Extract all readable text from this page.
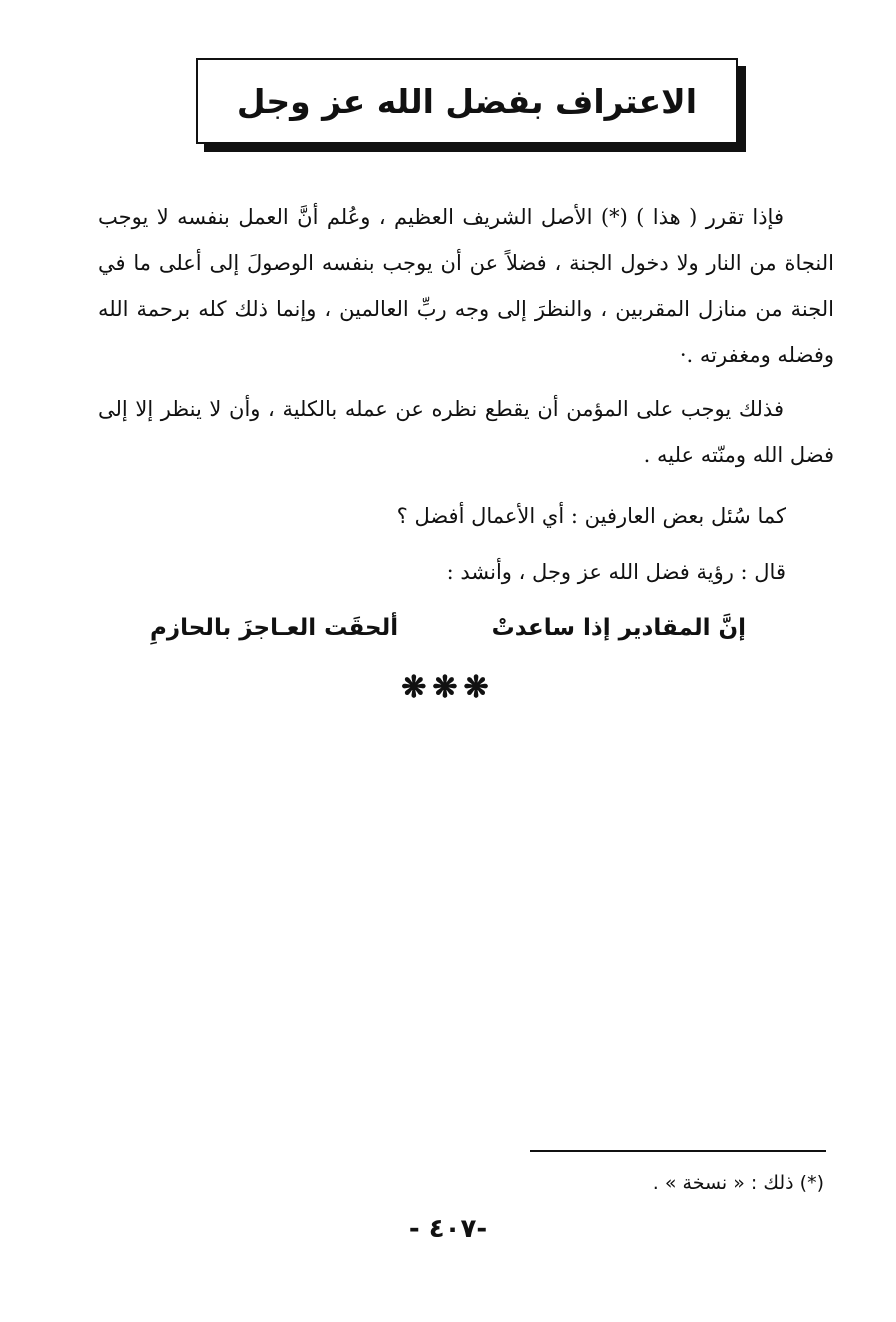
الاعتراف بفضل الله عز وجل

فإذا تقرر ( هذا ) (*) الأصل الشريف العظيم ، وعُلم أنَّ العمل بنفسه لا يوجب النجاة من النار ولا دخول الجنة ، فضلاً عن أن يوجب بنفسه الوصولَ إلى أعلى ما في الجنة من منازل المقربين ، والنظرَ إلى وجه ربِّ العالمين ، وإنما ذلك كله برحمة الله وفضله ومغفرته .·

فذلك يوجب على المؤمن أن يقطع نظره عن عمله بالكلية ، وأن لا ينظر إلا إلى فضل الله ومنّته عليه .

كما سُئل بعض العارفين : أي الأعمال أفضل ؟
قال : رؤية فضل الله عز وجل ، وأنشد :
إنَّ المقادير إذا ساعدتْ
ألحقَت العـاجزَ بالحازمِ
❋❋❋
(*) ذلك : « نسخة » .
- ٤٠٧-
